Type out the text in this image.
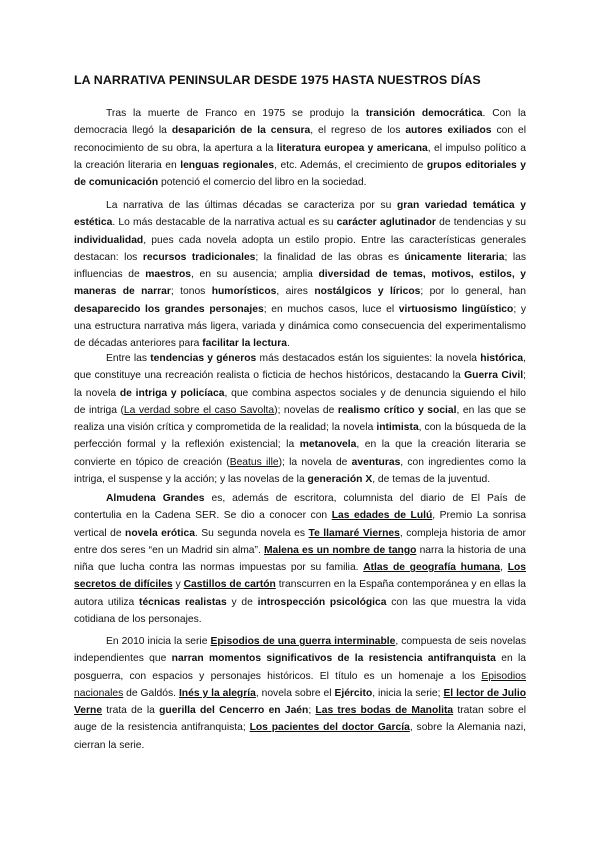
LA NARRATIVA PENINSULAR DESDE 1975 HASTA NUESTROS DÍAS

Tras la muerte de Franco en 1975 se produjo la transición democrática. Con la democracia llegó la desaparición de la censura, el regreso de los autores exiliados con el reconocimiento de su obra, la apertura a la literatura europea y americana, el impulso político a la creación literaria en lenguas regionales, etc. Además, el crecimiento de grupos editoriales y de comunicación potenció el comercio del libro en la sociedad.

La narrativa de las últimas décadas se caracteriza por su gran variedad temática y estética. Lo más destacable de la narrativa actual es su carácter aglutinador de tendencias y su individualidad, pues cada novela adopta un estilo propio. Entre las características generales destacan: los recursos tradicionales; la finalidad de las obras es únicamente literaria; las influencias de maestros, en su ausencia; amplia diversidad de temas, motivos, estilos, y maneras de narrar; tonos humorísticos, aires nostálgicos y líricos; por lo general, han desaparecido los grandes personajes; en muchos casos, luce el virtuosismo lingüístico; y una estructura narrativa más ligera, variada y dinámica como consecuencia del experimentalismo de décadas anteriores para facilitar la lectura.

Entre las tendencias y géneros más destacados están los siguientes: la novela histórica, que constituye una recreación realista o ficticia de hechos históricos, destacando la Guerra Civil; la novela de intriga y policíaca, que combina aspectos sociales y de denuncia siguiendo el hilo de intriga (La verdad sobre el caso Savolta); novelas de realismo crítico y social, en las que se realiza una visión crítica y comprometida de la realidad; la novela intimista, con la búsqueda de la perfección formal y la reflexión existencial; la metanovela, en la que la creación literaria se convierte en tópico de creación (Beatus ille); la novela de aventuras, con ingredientes como la intriga, el suspense y la acción; y las novelas de la generación X, de temas de la juventud.

Almudena Grandes es, además de escritora, columnista del diario de El País de contertulia en la Cadena SER. Se dio a conocer con Las edades de Lulú, Premio La sonrisa vertical de novela erótica. Su segunda novela es Te llamaré Viernes, compleja historia de amor entre dos seres “en un Madrid sin alma”. Malena es un nombre de tango narra la historia de una niña que lucha contra las normas impuestas por su familia. Atlas de geografía humana, Los secretos de difíciles y Castillos de cartón transcurren en la España contemporánea y en ellas la autora utiliza técnicas realistas y de introspección psicológica con las que muestra la vida cotidiana de los personajes.

En 2010 inicia la serie Episodios de una guerra interminable, compuesta de seis novelas independientes que narran momentos significativos de la resistencia antifranquista en la posguerra, con espacios y personajes históricos. El título es un homenaje a los Episodios nacionales de Galdós. Inés y la alegría, novela sobre el Ejército, inicia la serie; El lector de Julio Verne trata de la guerilla del Cencerro en Jaén; Las tres bodas de Manolita tratan sobre el auge de la resistencia antifranquista; Los pacientes del doctor García, sobre la Alemania nazi, cierran la serie.
